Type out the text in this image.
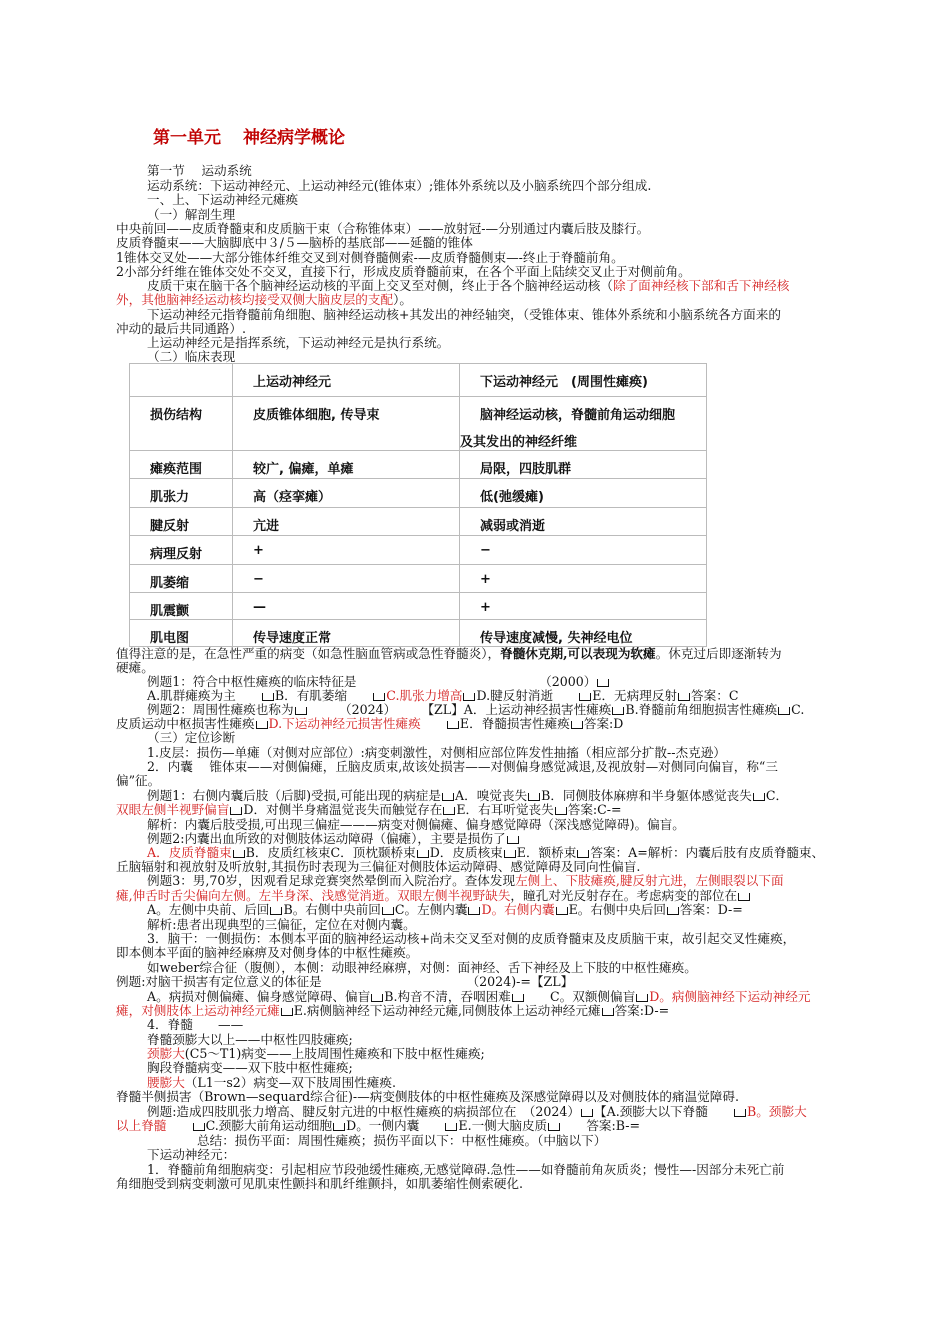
第一单元 神经病学概论
第一节　 运动系统
运动系统：下运动神经元、上运动神经元(锥体束）;锥体外系统以及小脑系统四个部分组成.
一、上、下运动神经元瘫痪
（一）解剖生理
中央前回——皮质脊髓束和皮质脑干束（合称锥体束）——放射冠-—分别通过内囊后肢及膝行。
皮质脊髓束——大脑脚底中３/５—脑桥的基底部——延髓的锥体
1锥体交叉处——大部分锥体纤维交叉到对侧脊髓侧索-—皮质脊髓侧束—-终止于脊髓前角。
2小部分纤维在锥体交处不交叉，直接下行，形成皮质脊髓前束，在各个平面上陆续交叉止于对侧前角。
皮质干束在脑干各个脑神经运动核的平面上交叉至对侧，终止于各个脑神经运动核（除了面神经核下部和舌下神经核
外，其他脑神经运动核均接受双侧大脑皮层的支配）。
下运动神经元指脊髓前角细胞、脑神经运动核+其发出的神经轴突，（受锥体束、锥体外系统和小脑系统各方面来的
冲动的最后共同通路）.
上运动神经元是指挥系统，下运动神经元是执行系统。
（二）临床表现

	上运动神经元	下运动神经元　(周围性瘫痪)

损伤结构	皮质锥体细胞, 传导束	脑神经运动核，脊髓前角运动细胞
及其发出的神经纤维

瘫痪范围	较广, 偏瘫，单瘫	局限，四肢肌群

肌张力	高（痉挛瘫）	低(弛缓瘫)

腱反射	亢进	减弱或消逝

病理反射	+	−

肌萎缩	−	+

肌震颤	—	+

肌电图	传导速度正常	传导速度减慢, 失神经电位
值得注意的是，在急性严重的病变（如急性脑血管病或急性脊髓炎），脊髓休克期,可以表现为软瘫。休克过后即逐渐转为
硬瘫。
例题1：符合中枢性瘫痪的临床特征是　　　　　　　　　　　　　　　（2000）
A.肌群瘫痪为主　　B．有肌萎缩　　C.肌张力增高 D.腱反射消逝　　E．无病理反射 答案：C
例题2：周围性瘫痪也称为　　　（2024）　　　【ZL】A．上运动神经损害性瘫痪 B.脊髓前角细胞损害性瘫痪 C.
皮质运动中枢损害性瘫痪 D.下运动神经元损害性瘫痪　　	E．脊髓损害性瘫痪 答案:D
（三）定位诊断
1.皮层：损伤—单瘫（对侧对应部位）:病变刺激性，对侧相应部位阵发性抽搐（相应部分扩散--杰克逊）
2．内囊　 锥体束——对侧偏瘫，丘脑皮质束,故该处损害——对侧偏身感觉减退,及视放射—对侧同向偏盲，称“三
偏”征。
例题1：右侧内囊后肢（后脚)受损,可能出现的病症是 A．嗅觉丧失 B．同侧肢体麻痹和半身躯体感觉丧失 C．
双眼左侧半视野偏盲 D．对侧半身痛温觉丧失而触觉存在 E．右耳听觉丧失 答案:C-=
解析：内囊后肢受损,可出现三偏症———病变对侧偏瘫、偏身感觉障碍（深浅感觉障碍)。偏盲。
例题2:内囊出血所致的对侧肢体运动障碍（偏瘫），主要是损伤了
A．皮质脊髓束 B．皮质红核束C．顶枕颞桥束 D．皮质核束 E．额桥束 答案：A=解析：内囊后肢有皮质脊髓束、
丘脑辐射和视放射及听放射,其损伤时表现为三偏征对侧肢体运动障碍、感觉障碍及同向性偏盲.
例题3：男,70岁，因观看足球竞赛突然晕倒而入院治疗。查体发现左侧上、下肢瘫痪,腱反射亢进，左侧眼裂以下面
瘫,伸舌时舌尖偏向左侧。左半身深、浅感觉消逝。双眼左侧半视野缺失，瞳孔对光反射存在。考虑病变的部位在
A。左侧中央前、后回 B。右侧中央前回 C。左侧内囊 D。右侧内囊 E。右侧中央后回 答案：D-=
解析:患者出现典型的三偏征，定位在对侧内囊。
3．脑干：一侧损伤：本侧本平面的脑神经运动核+尚未交叉至对侧的皮质脊髓束及皮质脑干束，故引起交叉性瘫痪，
即本侧本平面的脑神经麻痹及对侧身体的中枢性瘫痪。
如weber综合征（腹侧），本侧：动眼神经麻痹，对侧：面神经、舌下神经及上下肢的中枢性瘫痪。
例题:对脑干损害有定位意义的体征是　　　　　　　　　　　　（2024)-=【ZL】
A。病损对侧偏瘫、偏身感觉障碍、偏盲 B.构音不清，吞咽困难　　C。双额侧偏盲 D。病侧脑神经下运动神经元
瘫，对侧肢体上运动神经元瘫 E.病侧脑神经下运动神经元瘫,同侧肢体上运动神经元瘫 答案:D-=
4．脊髓　　——
脊髓颈膨大以上——中枢性四肢瘫痪;
颈膨大(C5～T1)病变——上肢周围性瘫痪和下肢中枢性瘫痪;
胸段脊髓病变——双下肢中枢性瘫痪;
腰膨大（L1一s2）病变—双下肢周围性瘫痪.
脊髓半侧损害（Brown—sequard综合征)-—病变侧肢体的中枢性瘫痪及深感觉障碍以及对侧肢体的痛温觉障碍.
例题:造成四肢肌张力增高、腱反射亢进的中枢性瘫痪的病损部位在　（2024） 【A.颈膨大以下脊髓　　B。颈膨大
以上脊髓　　	C.颈膨大前角运动细胞 D。一侧内囊　　E.一侧大脑皮质　　答案:B-=
总结：损伤平面：周围性瘫痪；损伤平面以下：中枢性瘫痪。（中脑以下）
下运动神经元：
1．脊髓前角细胞病变：引起相应节段弛缓性瘫痪,无感觉障碍.急性——如脊髓前角灰质炎；慢性—-因部分未死亡前
角细胞受到病变刺激可见肌束性颤抖和肌纤维颤抖，如肌萎缩性侧索硬化.
